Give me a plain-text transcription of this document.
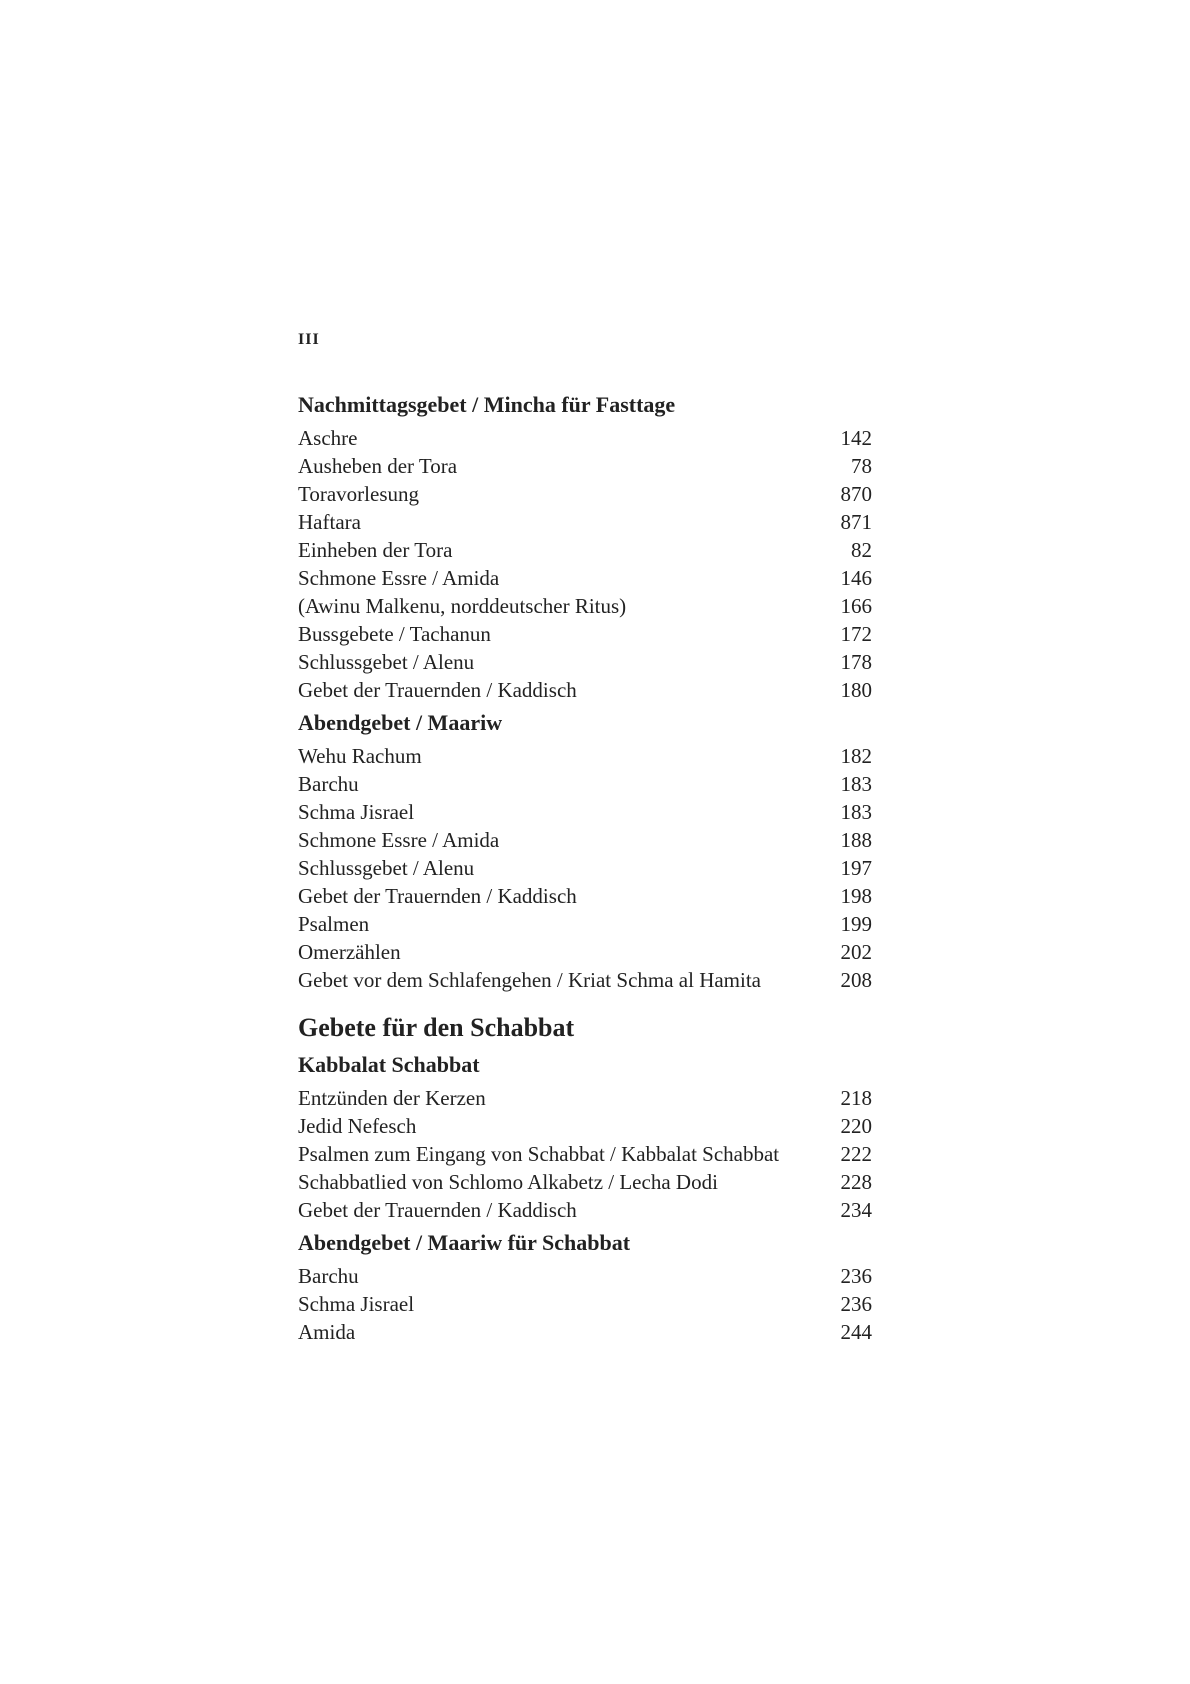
III
Nachmittagsgebet / Mincha für Fasttage
Aschre	142
Ausheben der Tora	78
Toravorlesung	870
Haftara	871
Einheben der Tora	82
Schmone Essre / Amida	146
(Awinu Malkenu, norddeutscher Ritus)	166
Bussgebete / Tachanun	172
Schlussgebet / Alenu	178
Gebet der Trauernden / Kaddisch	180
Abendgebet / Maariw
Wehu Rachum	182
Barchu	183
Schma Jisrael	183
Schmone Essre / Amida	188
Schlussgebet / Alenu	197
Gebet der Trauernden / Kaddisch	198
Psalmen	199
Omerzählen	202
Gebet vor dem Schlafengehen / Kriat Schma al Hamita	208
Gebete für den Schabbat
Kabbalat Schabbat
Entzünden der Kerzen	218
Jedid Nefesch	220
Psalmen zum Eingang von Schabbat / Kabbalat Schabbat	222
Schabbatlied von Schlomo Alkabetz / Lecha Dodi	228
Gebet der Trauernden / Kaddisch	234
Abendgebet / Maariw für Schabbat
Barchu	236
Schma Jisrael	236
Amida	244
